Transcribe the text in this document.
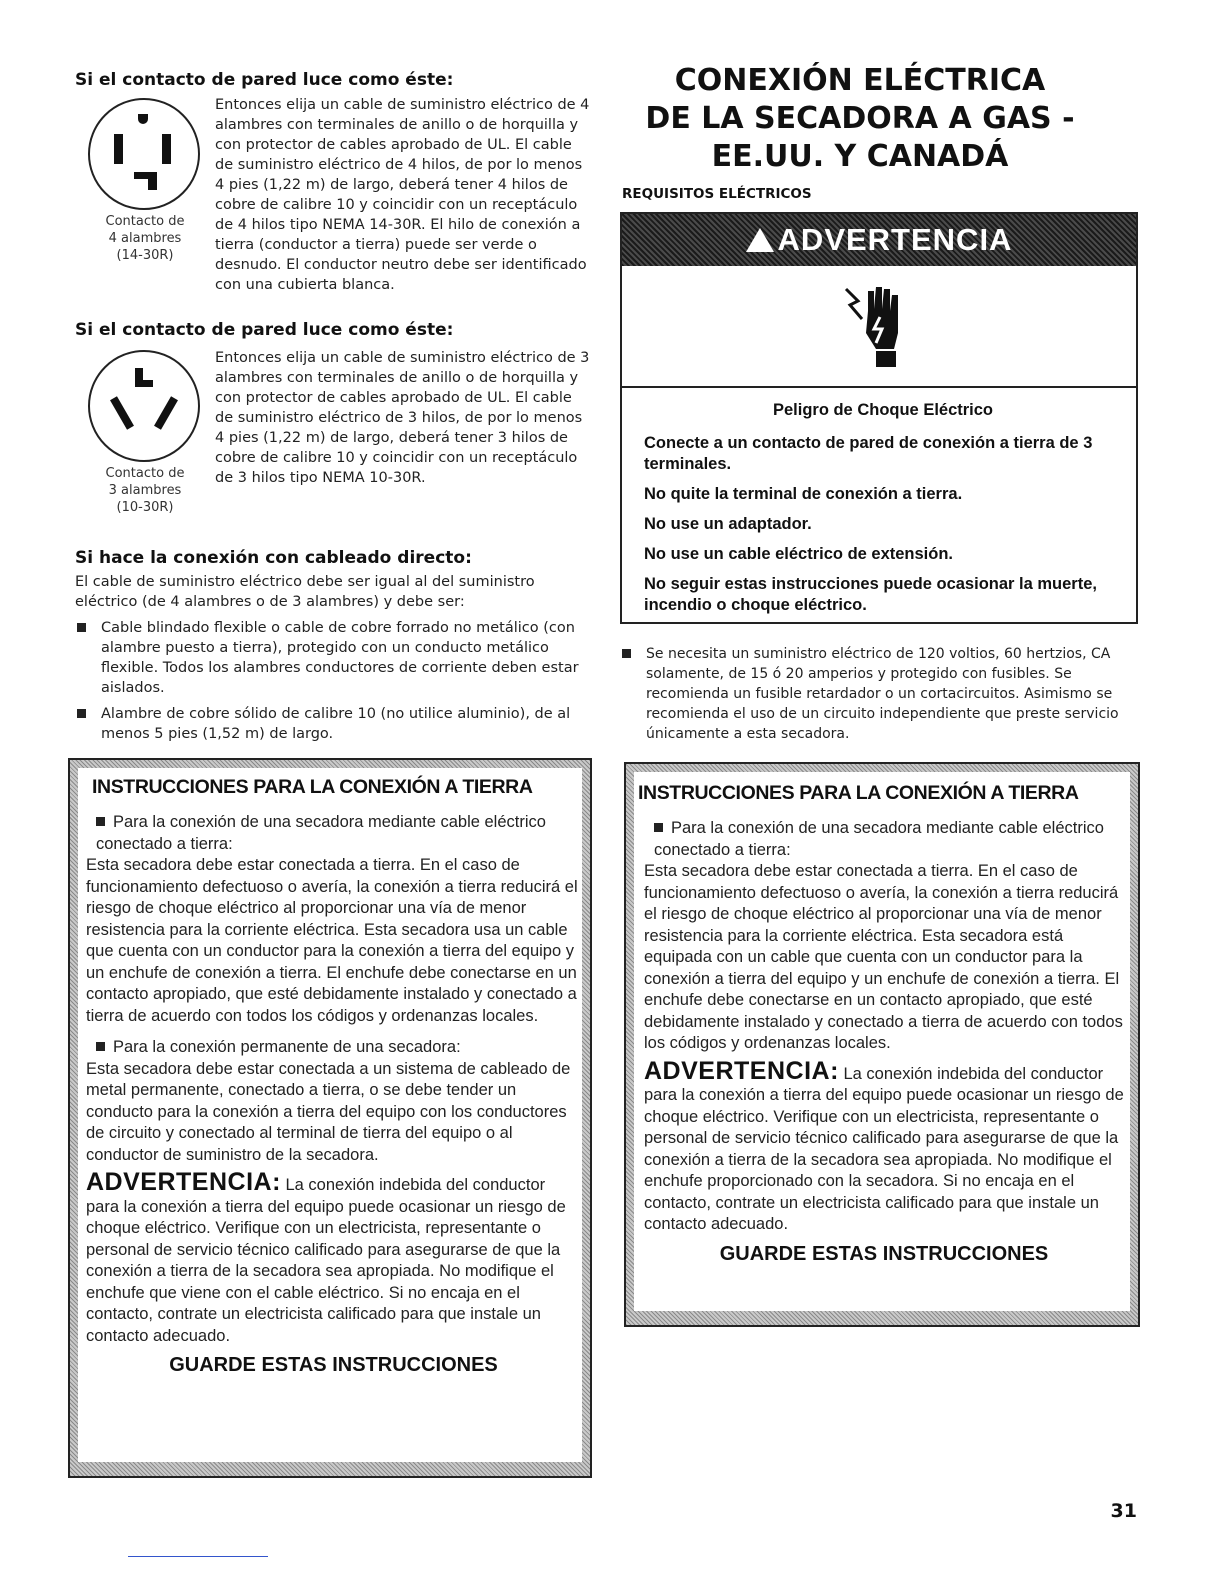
Si el contacto de pared luce como éste:
Contacto de
4 alambres
(14-30R)
Entonces elija un cable de suministro eléctrico de 4 alambres con terminales de anillo o de horquilla y con protector de cables aprobado de UL. El cable de suministro eléctrico de 4 hilos, de por lo menos 4 pies (1,22 m) de largo, deberá tener 4 hilos de cobre de calibre 10 y coincidir con un receptáculo de 4 hilos tipo NEMA 14-30R. El hilo de conexión a tierra (conductor a tierra) puede ser verde o desnudo. El conductor neutro debe ser identificado con una cubierta blanca.
Si el contacto de pared luce como éste:
Contacto de
3 alambres
(10-30R)
Entonces elija un cable de suministro eléctrico de 3 alambres con terminales de anillo o de horquilla y con protector de cables aprobado de UL. El cable de suministro eléctrico de 3 hilos, de por lo menos 4 pies (1,22 m) de largo, deberá tener 3 hilos de cobre de calibre 10 y coincidir con un receptáculo de 3 hilos tipo NEMA 10-30R.
Si hace la conexión con cableado directo:
El cable de suministro eléctrico debe ser igual al del suministro eléctrico (de 4 alambres o de 3 alambres) y debe ser:
Cable blindado flexible o cable de cobre forrado no metálico (con alambre puesto a tierra), protegido con un conducto metálico flexible. Todos los alambres conductores de corriente deben estar aislados.
Alambre de cobre sólido de calibre 10 (no utilice aluminio), de al menos 5 pies (1,52 m) de largo.
INSTRUCCIONES PARA LA CONEXIÓN A TIERRA
Para la conexión de una secadora mediante cable eléctrico conectado a tierra:
Esta secadora debe estar conectada a tierra. En el caso de funcionamiento defectuoso o avería, la conexión a tierra reducirá el riesgo de choque eléctrico al proporcionar una vía de menor resistencia para la corriente eléctrica. Esta secadora usa un cable que cuenta con un conductor para la conexión a tierra del equipo y un enchufe de conexión a tierra. El enchufe debe conectarse en un contacto apropiado, que esté debidamente instalado y conectado a tierra de acuerdo con todos los códigos y ordenanzas locales.
Para la conexión permanente de una secadora:
Esta secadora debe estar conectada a un sistema de cableado de metal permanente, conectado a tierra, o se debe tender un conducto para la conexión a tierra del equipo con los conductores de circuito y conectado al terminal de tierra del equipo o al conductor de suministro de la secadora.
ADVERTENCIA: La conexión indebida del conductor para la conexión a tierra del equipo puede ocasionar un riesgo de choque eléctrico. Verifique con un electricista, representante o personal de servicio técnico calificado para asegurarse de que la conexión a tierra de la secadora sea apropiada. No modifique el enchufe que viene con el cable eléctrico. Si no encaja en el contacto, contrate un electricista calificado para que instale un contacto adecuado.
GUARDE ESTAS INSTRUCCIONES
CONEXIÓN ELÉCTRICA
DE LA SECADORA A GAS -
EE.UU. Y CANADÁ
REQUISITOS ELÉCTRICOS
ADVERTENCIA
Peligro de Choque Eléctrico
Conecte a un contacto de pared de conexión a tierra de 3 terminales.
No quite la terminal de conexión a tierra.
No use un adaptador.
No use un cable eléctrico de extensión.
No seguir estas instrucciones puede ocasionar la muerte, incendio o choque eléctrico.
Se necesita un suministro eléctrico de 120 voltios, 60 hertzios, CA solamente, de 15 ó 20 amperios y protegido con fusibles. Se recomienda un fusible retardador o un cortacircuitos. Asimismo se recomienda el uso de un circuito independiente que preste servicio únicamente a esta secadora.
INSTRUCCIONES PARA LA CONEXIÓN A TIERRA
Para la conexión de una secadora mediante cable eléctrico conectado a tierra:
Esta secadora debe estar conectada a tierra. En el caso de funcionamiento defectuoso o avería, la conexión a tierra reducirá el riesgo de choque eléctrico al proporcionar una vía de menor resistencia para la corriente eléctrica. Esta secadora está equipada con un cable que cuenta con un conductor para la conexión a tierra del equipo y un enchufe de conexión a tierra. El enchufe debe conectarse en un contacto apropiado, que esté debidamente instalado y conectado a tierra de acuerdo con todos los códigos y ordenanzas locales.
ADVERTENCIA: La conexión indebida del conductor para la conexión a tierra del equipo puede ocasionar un riesgo de choque eléctrico. Verifique con un electricista, representante o personal de servicio técnico calificado para asegurarse de que la conexión a tierra de la secadora sea apropiada. No modifique el enchufe proporcionado con la secadora. Si no encaja en el contacto, contrate un electricista calificado para que instale un contacto adecuado.
GUARDE ESTAS INSTRUCCIONES
31
